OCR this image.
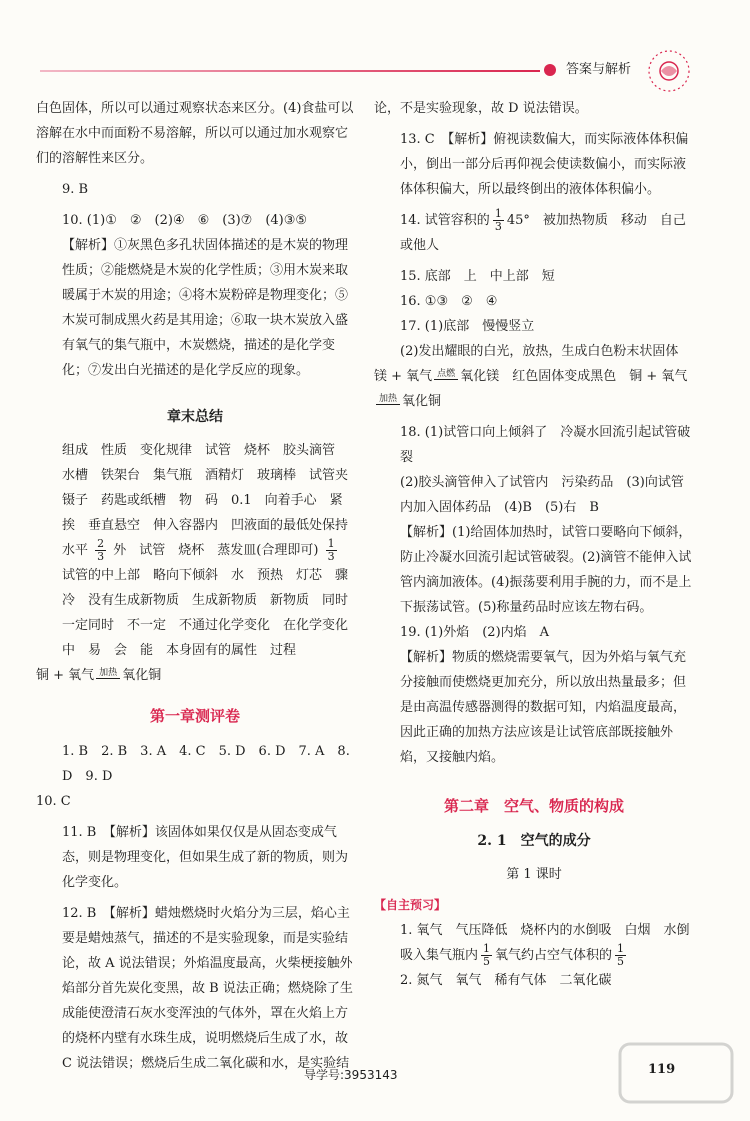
答案与解析

白色固体，所以可以通过观察状态来区分。(4)食盐可以溶解在水中而面粉不易溶解，所以可以通过加水观察它们的溶解性来区分。

9. B

10. (1)①　②　(2)④　⑥　(3)⑦　(4)③⑤

【解析】①灰黑色多孔状固体描述的是木炭的物理性质；②能燃烧是木炭的化学性质；③用木炭来取暖属于木炭的用途；④将木炭粉碎是物理变化；⑤木炭可制成黑火药是其用途；⑥取一块木炭放入盛有氧气的集气瓶中，木炭燃烧，描述的是化学变化；⑦发出白光描述的是化学反应的现象。

章末总结

组成　性质　变化规律　试管　烧杯　胶头滴管　水槽　铁架台　集气瓶　酒精灯　玻璃棒　试管夹　镊子　药匙或纸槽　物　码　0.1　向着手心　紧挨　垂直悬空　伸入容器内　凹液面的最低处保持水平 $\frac{2}{3}$ 外　试管　烧杯　蒸发皿(合理即可) $\frac{1}{3}$
试管的中上部　略向下倾斜　水　预热　灯芯　骤冷　没有生成新物质　生成新物质　新物质　同时　一定同时　不一定　不通过化学变化　在化学变化中　易　会　能　本身固有的属性　过程

铜 + 氧气 加热 氧化铜

第一章测评卷

1. B　2. B　3. A　4. C　5. D　6. D　7. A　8. D　9. D

10. C

11. B　 【解析】该固体如果仅仅是从固态变成气态，则是物理变化，但如果生成了新的物质，则为化学变化。

12. B　 【解析】蜡烛燃烧时火焰分为三层，焰心主要是蜡烛蒸气，描述的不是实验现象，而是实验结论，故 A 说法错误；外焰温度最高，火柴梗接触外焰部分首先炭化变黑，故 B 说法正确；燃烧除了生成能使澄清石灰水变浑浊的气体外，罩在火焰上方的烧杯内壁有水珠生成，说明燃烧后生成了水，故 C 说法错误；燃烧后生成二氧化碳和水，是实验结

论，不是实验现象，故 D 说法错误。

13. C　 【解析】俯视读数偏大，而实际液体体积偏小，倒出一部分后再仰视会使读数偏小，而实际液体体积偏大，所以最终倒出的液体体积偏小。

14. 试管容积的 $\frac{1}{3} 45^\circ$　被加热物质　移动　自己或他人

15. 底部　上　中上部　短

16. ①③　②　④

17. (1)底部　慢慢竖立

(2)发出耀眼的白光，放热，生成白色粉末状固体

镁 + 氧气 点燃 氧化镁　 红色固体变成黑色　 铜 + 氧气
加热 氧化铜

18. (1)试管口向上倾斜了　冷凝水回流引起试管破裂

(2)胶头滴管伸入了试管内　污染药品　(3)向试管内加入固体药品　(4)B　(5)右　B

【解析】(1)给固体加热时，试管口要略向下倾斜，防止冷凝水回流引起试管破裂。(2)滴管不能伸入试管内滴加液体。(4)振荡要利用手腕的力，而不是上下振荡试管。(5)称量药品时应该左物右码。

19. (1)外焰　(2)内焰　A

【解析】物质的燃烧需要氧气，因为外焰与氧气充分接触而使燃烧更加充分，所以放出热量最多；但是由高温传感器测得的数据可知，内焰温度最高，因此正确的加热方法应该是让试管底部既接触外焰，又接触内焰。

第二章　空气、物质的构成
2. 1　空气的成分
第 1 课时

【自主预习】

1. 氧气　气压降低　烧杯内的水倒吸　白烟　水倒吸入集气瓶内 $\frac{1}{5}$ 氧气约占空气体积的 $\frac{1}{5}$

2. 氮气　氧气　稀有气体　二氧化碳

导学号:3953143	119
